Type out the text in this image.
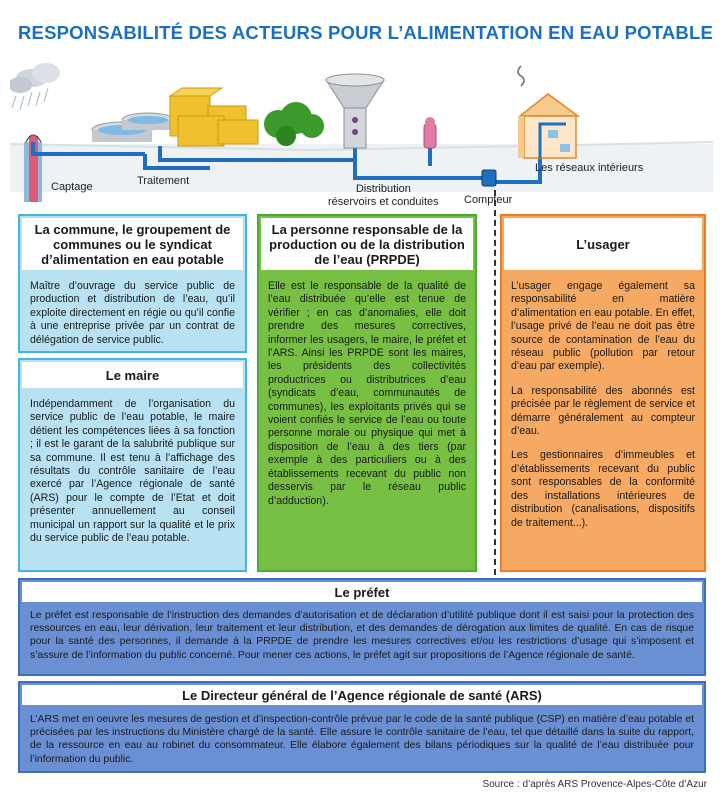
RESPONSABILITÉ DES ACTEURS POUR L’ALIMENTATION EN EAU POTABLE
Captage	Traitement
Distribution
réservoirs et conduites Compteur
Les réseaux intérieurs
La commune, le groupement de communes ou le syndicat d’alimentation en eau potable

Maître d’ouvrage du service public de production et distribution de l’eau, qu’il exploite directement en régie ou qu’il confie à une entreprise privée par un contrat de délégation de service public.

Le maire

Indépendamment de l’organisation du service public de l’eau potable, le maire détient les compétences liées à sa fonction ; il est le garant de la salubrité publique sur sa commune. Il est tenu à l’affichage des résultats du contrôle sanitaire de l’eau exercé par l’Agence régionale de santé (ARS) pour le compte de l’Etat et doit présenter annuellement au conseil municipal un rapport sur la qualité et le prix du service public de l’eau potable.

La personne responsable de la production ou de la distribution de l’eau (PRPDE)

Elle est le responsable de la qualité de l’eau distribuée qu’elle est tenue de vérifier ; en cas d’anomalies, elle doit prendre des mesures correctives, informer les usagers, le maire, le préfet et l’ARS. Ainsi les PRPDE sont les maires, les présidents des collectivités productrices ou distributrices d’eau (syndicats d’eau, communautés de communes), les exploitants privés qui se voient confiés le service de l’eau ou toute personne morale ou physique qui met à disposition de l’eau à des tiers (par exemple à des particuliers ou à des établissements recevant du public non desservis par le réseau public d’adduction).

L’usager

L’usager engage également sa responsabilité en matière d’alimentation en eau potable. En effet, l’usage privé de l’eau ne doit pas être source de contamination de l’eau du réseau public (pollution par retour d’eau par exemple).

La responsabilité des abonnés est précisée par le règlement de service et démarre généralement au compteur d’eau.

Les gestionnaires d’immeubles et d’établissements recevant du public sont responsables de la conformité des installations intérieures de distribution (canalisations, dispositifs de traitement...).

Le préfet

Le préfet est responsable de l’instruction des demandes d’autorisation et de déclaration d’utilité publique dont il est saisi pour la protection des ressources en eau, leur dérivation, leur traitement et leur distribution, et des demandes de dérogation aux limites de qualité. En cas de risque pour la santé des personnes, il demande à la PRPDE de prendre les mesures correctives et/ou les restrictions d’usage qui s’imposent et s’assure de l’information du public concerné. Pour mener ces actions, le préfet agit sur propositions de l’Agence régionale de santé.

Le Directeur général de l’Agence régionale de santé (ARS)

L’ARS met en oeuvre les mesures de gestion et d’inspection-contrôle prévue par le code de la santé publique (CSP) en matière d’eau potable et précisées par les instructions du Ministère chargé de la santé. Elle assure le contrôle sanitaire de l’eau, tel que détaillé dans la suite du rapport, de la ressource en eau au robinet du consommateur. Elle élabore également des bilans périodiques sur la qualité de l’eau distribuée pour l’information du public.

Source : d’après ARS Provence-Alpes-Côte d’Azur
